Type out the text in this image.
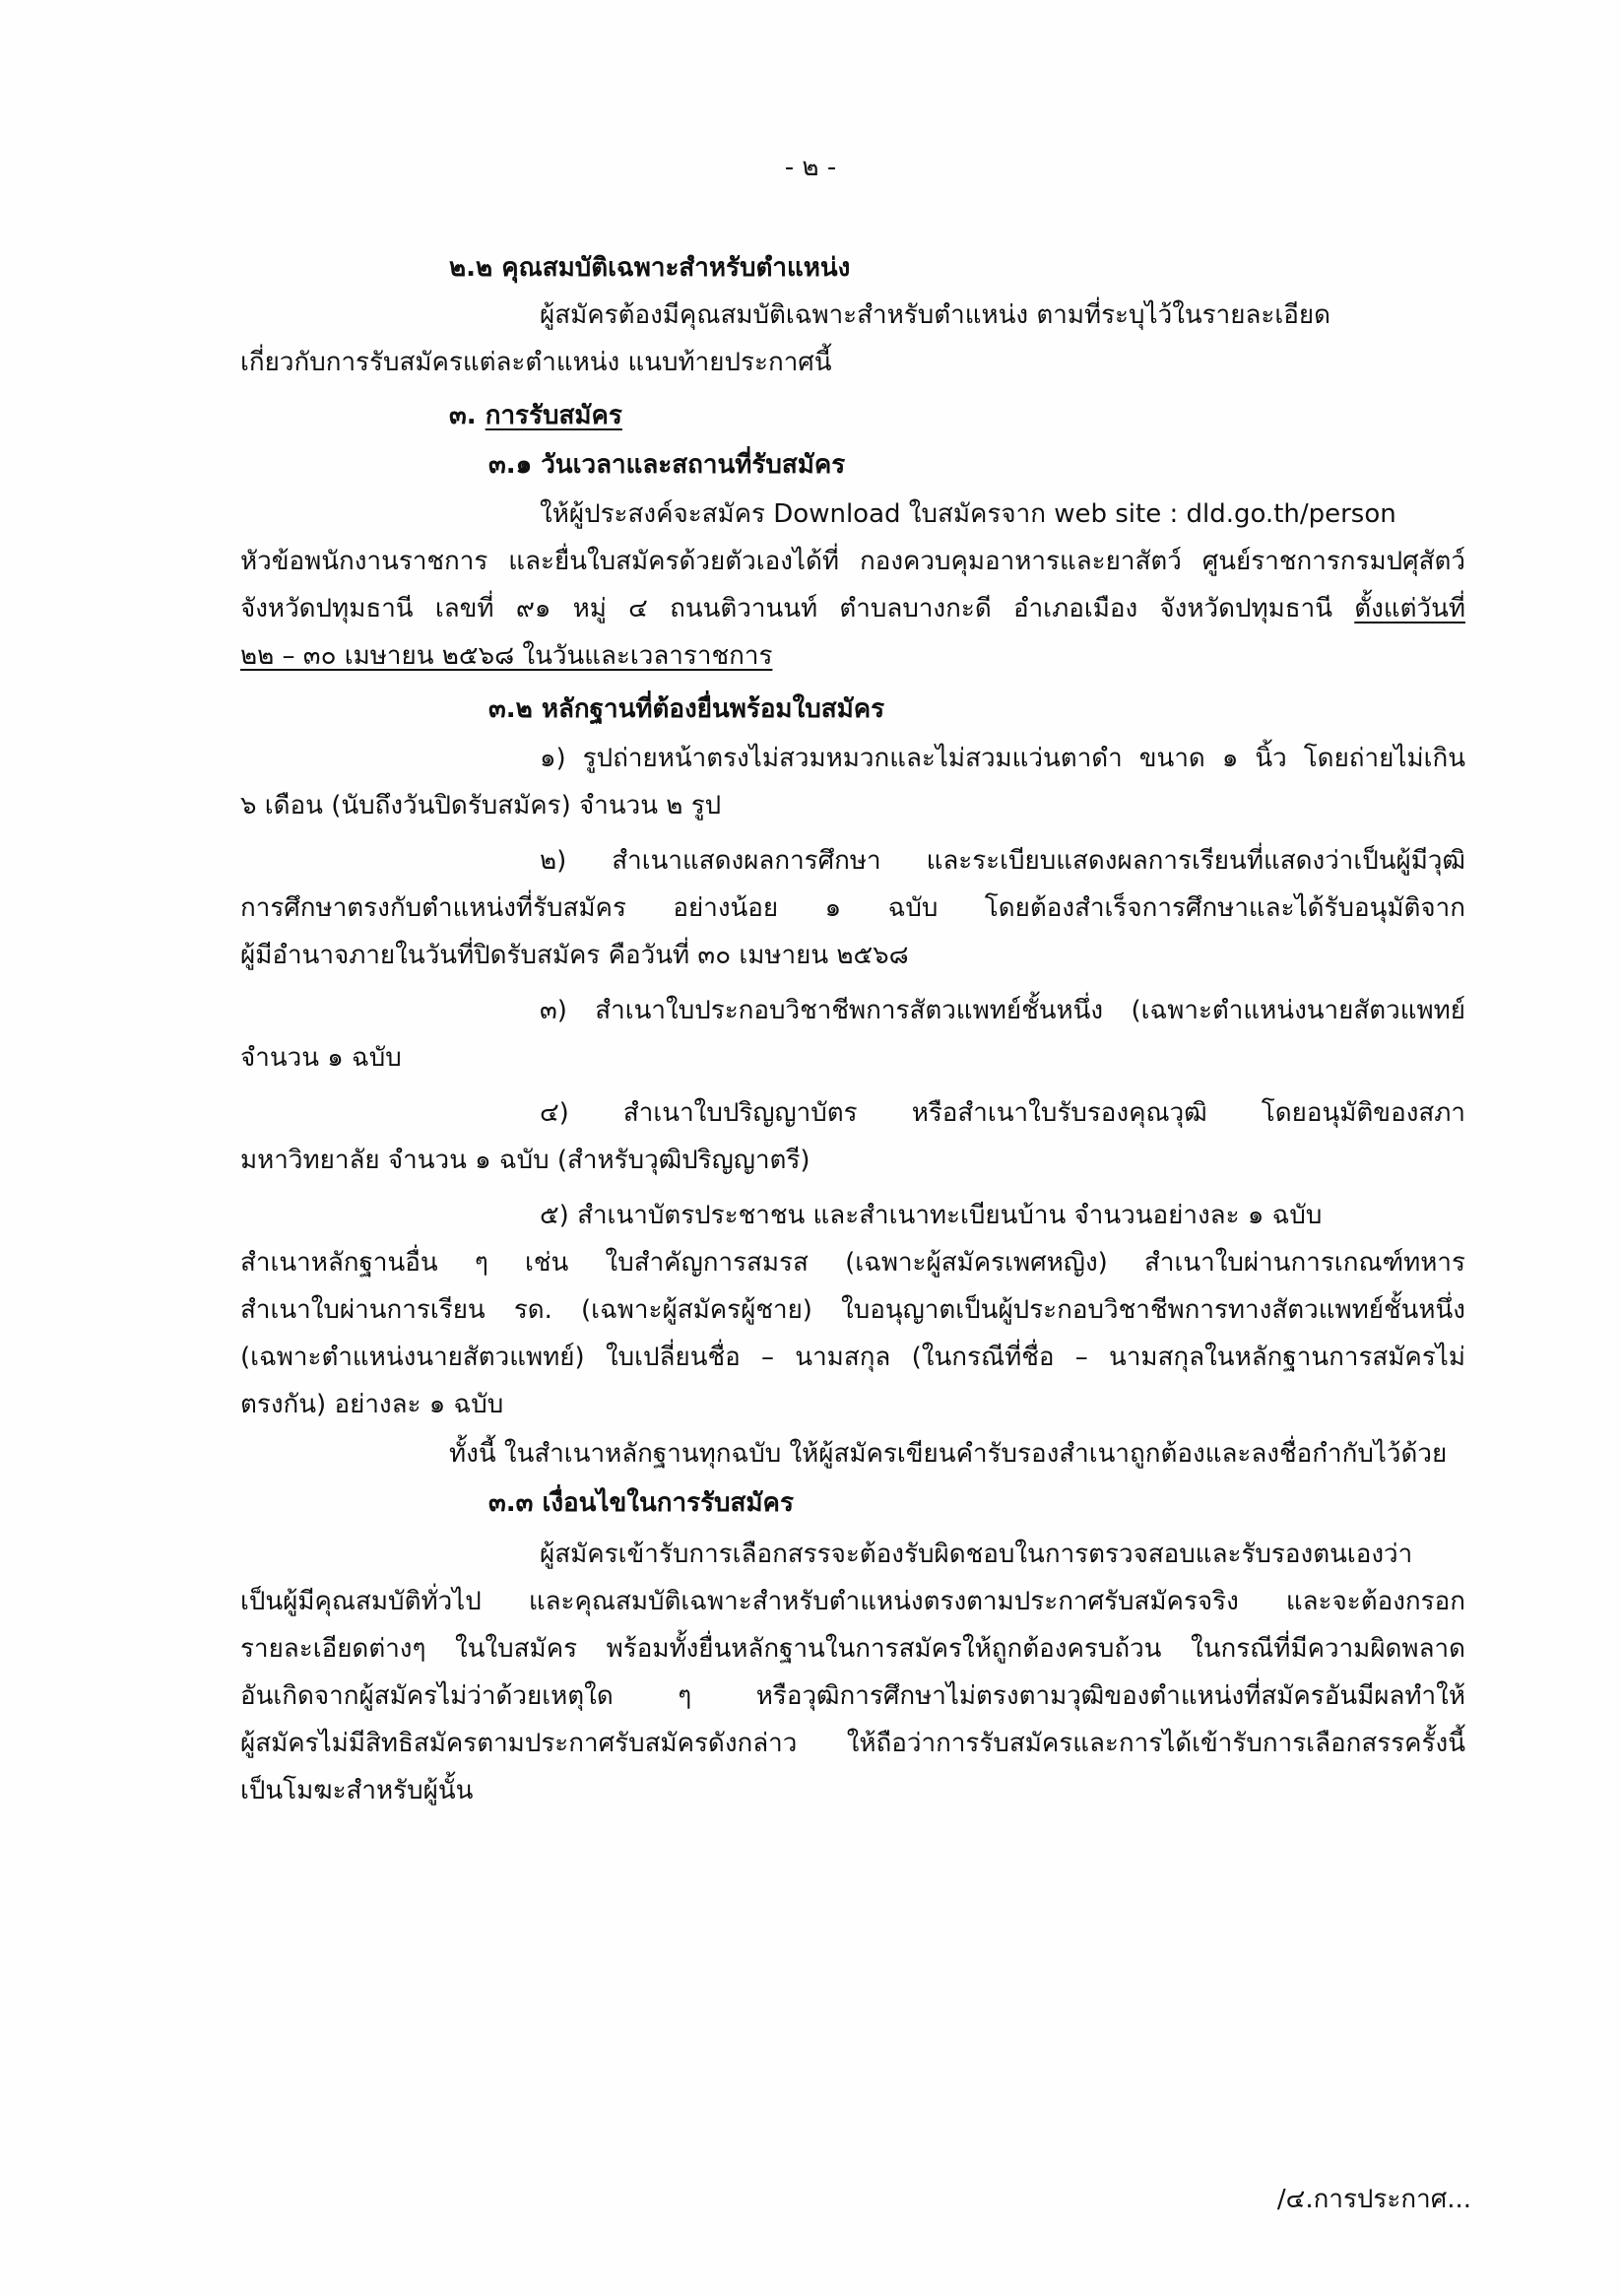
- ๒ -
๒.๒ คุณสมบัติเฉพาะสำหรับตำแหน่ง
ผู้สมัครต้องมีคุณสมบัติเฉพาะสำหรับตำแหน่ง ตามที่ระบุไว้ในรายละเอียด
เกี่ยวกับการรับสมัครแต่ละตำแหน่ง แนบท้ายประกาศนี้
๓. การรับสมัคร
๓.๑ วันเวลาและสถานที่รับสมัคร
ให้ผู้ประสงค์จะสมัคร Download ใบสมัครจาก web site : dld.go.th/person
หัวข้อพนักงานราชการ และยื่นใบสมัครด้วยตัวเองได้ที่ กองควบคุมอาหารและยาสัตว์ ศูนย์ราชการกรมปศุสัตว์
จังหวัดปทุมธานี เลขที่ ๙๑ หมู่ ๔ ถนนติวานนท์ ตำบลบางกะดี อำเภอเมือง จังหวัดปทุมธานี ตั้งแต่วันที่
๒๒ – ๓๐ เมษายน ๒๕๖๘ ในวันและเวลาราชการ
๓.๒ หลักฐานที่ต้องยื่นพร้อมใบสมัคร
๑) รูปถ่ายหน้าตรงไม่สวมหมวกและไม่สวมแว่นตาดำ ขนาด ๑ นิ้ว โดยถ่ายไม่เกิน
๖ เดือน (นับถึงวันปิดรับสมัคร) จำนวน ๒ รูป
๒) สำเนาแสดงผลการศึกษา และระเบียบแสดงผลการเรียนที่แสดงว่าเป็นผู้มีวุฒิ
การศึกษาตรงกับตำแหน่งที่รับสมัคร อย่างน้อย ๑ ฉบับ โดยต้องสำเร็จการศึกษาและได้รับอนุมัติจาก
ผู้มีอำนาจภายในวันที่ปิดรับสมัคร คือวันที่ ๓๐ เมษายน ๒๕๖๘
๓) สำเนาใบประกอบวิชาชีพการสัตวแพทย์ชั้นหนึ่ง (เฉพาะตำแหน่งนายสัตวแพทย์
จำนวน ๑ ฉบับ
๔) สำเนาใบปริญญาบัตร หรือสำเนาใบรับรองคุณวุฒิ โดยอนุมัติของสภา
มหาวิทยาลัย จำนวน ๑ ฉบับ (สำหรับวุฒิปริญญาตรี)
๕) สำเนาบัตรประชาชน และสำเนาทะเบียนบ้าน จำนวนอย่างละ ๑ ฉบับ
สำเนาหลักฐานอื่น ๆ เช่น ใบสำคัญการสมรส (เฉพาะผู้สมัครเพศหญิง) สำเนาใบผ่านการเกณฑ์ทหาร
สำเนาใบผ่านการเรียน รด. (เฉพาะผู้สมัครผู้ชาย) ใบอนุญาตเป็นผู้ประกอบวิชาชีพการทางสัตวแพทย์ชั้นหนึ่ง
(เฉพาะตำแหน่งนายสัตวแพทย์) ใบเปลี่ยนชื่อ – นามสกุล (ในกรณีที่ชื่อ – นามสกุลในหลักฐานการสมัครไม่
ตรงกัน) อย่างละ ๑ ฉบับ
ทั้งนี้ ในสำเนาหลักฐานทุกฉบับ ให้ผู้สมัครเขียนคำรับรองสำเนาถูกต้องและลงชื่อกำกับไว้ด้วย
๓.๓ เงื่อนไขในการรับสมัคร
ผู้สมัครเข้ารับการเลือกสรรจะต้องรับผิดชอบในการตรวจสอบและรับรองตนเองว่า
เป็นผู้มีคุณสมบัติทั่วไป และคุณสมบัติเฉพาะสำหรับตำแหน่งตรงตามประกาศรับสมัครจริง และจะต้องกรอก
รายละเอียดต่างๆ ในใบสมัคร พร้อมทั้งยื่นหลักฐานในการสมัครให้ถูกต้องครบถ้วน ในกรณีที่มีความผิดพลาด
อันเกิดจากผู้สมัครไม่ว่าด้วยเหตุใด ๆ หรือวุฒิการศึกษาไม่ตรงตามวุฒิของตำแหน่งที่สมัครอันมีผลทำให้
ผู้สมัครไม่มีสิทธิสมัครตามประกาศรับสมัครดังกล่าว ให้ถือว่าการรับสมัครและการได้เข้ารับการเลือกสรรครั้งนี้
เป็นโมฆะสำหรับผู้นั้น
/๔.การประกาศ...
